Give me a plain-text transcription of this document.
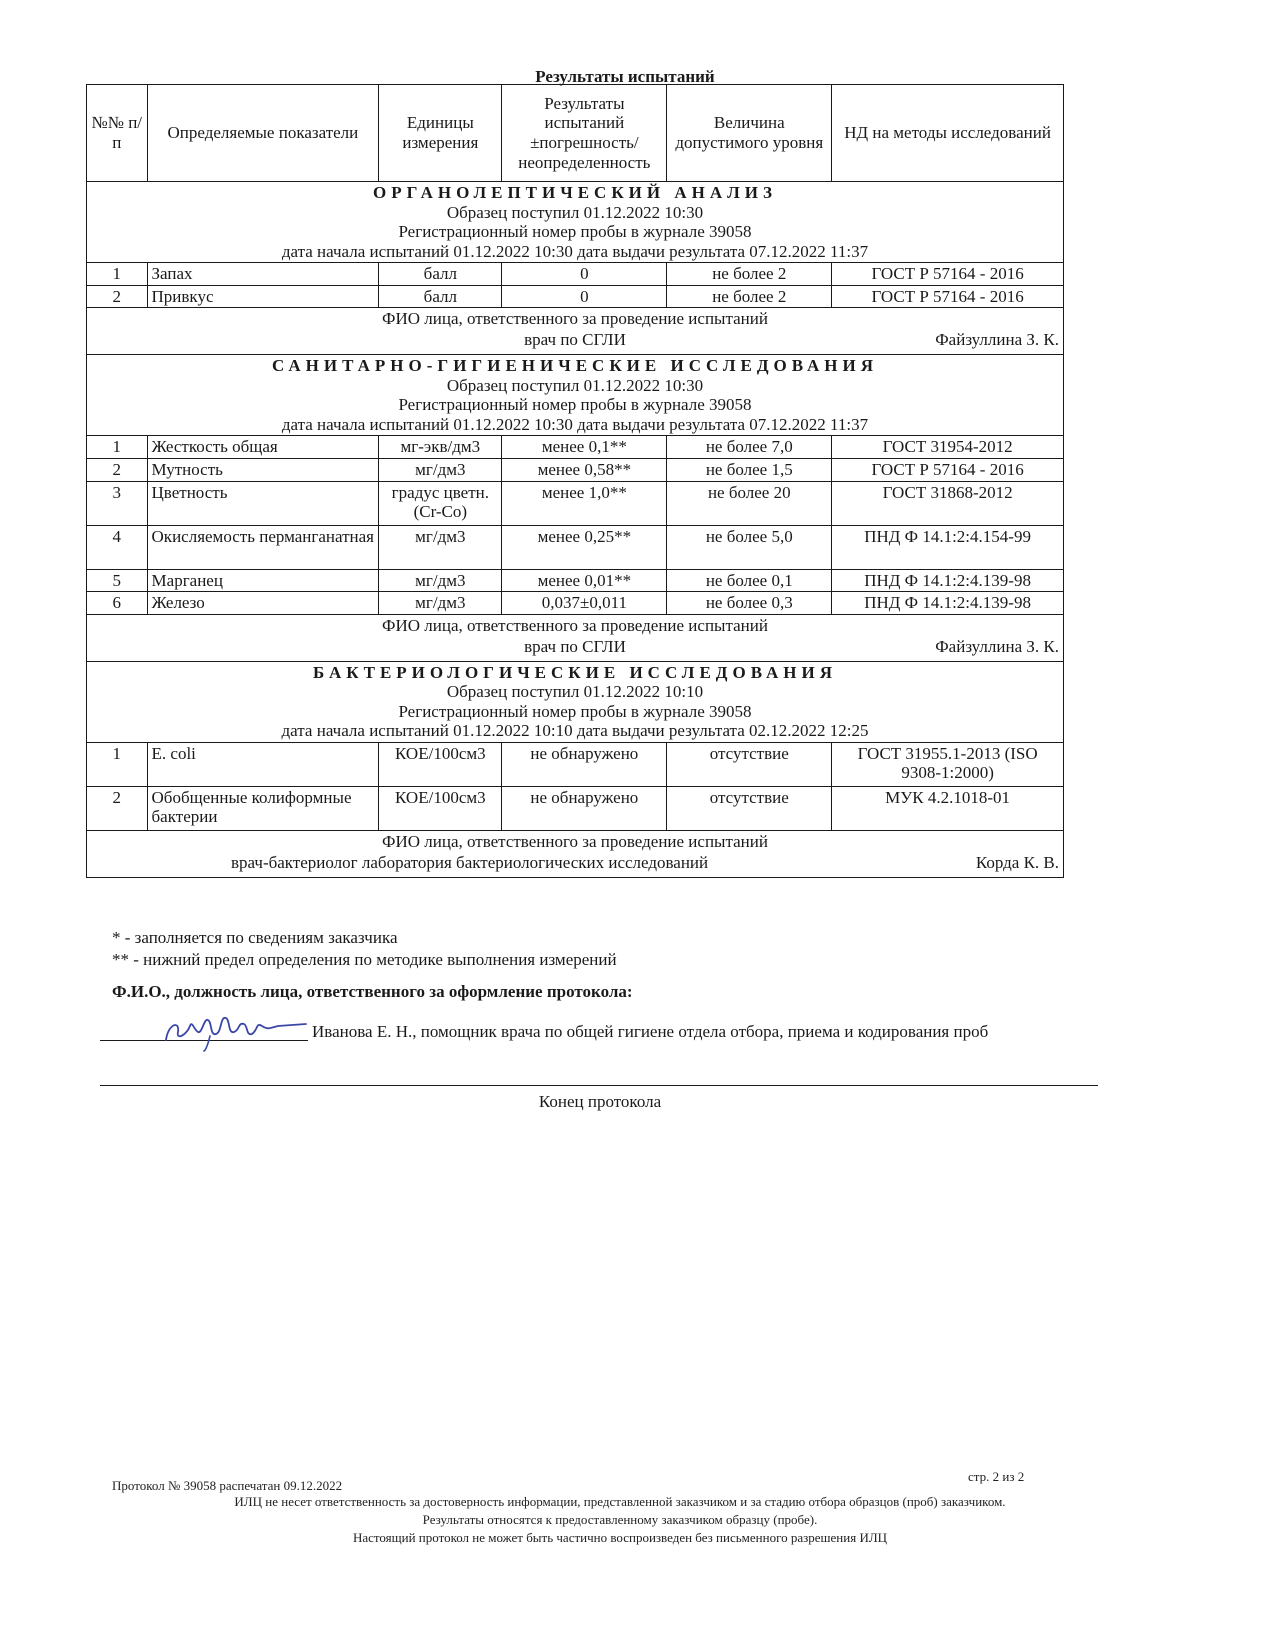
Результаты испытаний
№№ п/п	Определяемые показатели	Единицы измерения	Результаты испытаний ±погрешность/ неопределенность	Величина допустимого уровня	НД на методы исследований

ОРГАНОЛЕПТИЧЕСКИЙ АНАЛИЗ
Образец поступил 01.12.2022 10:30
Регистрационный номер пробы в журнале 39058
дата начала испытаний 01.12.2022 10:30 дата выдачи результата 07.12.2022 11:37					

1	Запах	балл	0	не более 2	ГОСТ Р 57164 - 2016
2	Привкус	балл	0	не более 2	ГОСТ Р 57164 - 2016

ФИО лица, ответственного за проведение испытаний
врач по СГЛИ Файзуллина З. К.					

САНИТАРНО-ГИГИЕНИЧЕСКИЕ ИССЛЕДОВАНИЯ
Образец поступил 01.12.2022 10:30
Регистрационный номер пробы в журнале 39058
дата начала испытаний 01.12.2022 10:30 дата выдачи результата 07.12.2022 11:37					

1	Жесткость общая	мг-экв/дм3	менее 0,1**	не более 7,0	ГОСТ 31954-2012
2	Мутность	мг/дм3	менее 0,58**	не более 1,5	ГОСТ Р 57164 - 2016
3	Цветность	градус цветн.(Cr-Co)	менее 1,0**	не более 20	ГОСТ 31868-2012
4	Окисляемость перманганатная	мг/дм3	менее 0,25**	не более 5,0	ПНД Ф 14.1:2:4.154-99
5	Марганец	мг/дм3	менее 0,01**	не более 0,1	ПНД Ф 14.1:2:4.139-98
6	Железо	мг/дм3	0,037±0,011	не более 0,3	ПНД Ф 14.1:2:4.139-98

ФИО лица, ответственного за проведение испытаний
врач по СГЛИ Файзуллина З. К.					

БАКТЕРИОЛОГИЧЕСКИЕ ИССЛЕДОВАНИЯ
Образец поступил 01.12.2022 10:10
Регистрационный номер пробы в журнале 39058
дата начала испытаний 01.12.2022 10:10 дата выдачи результата 02.12.2022 12:25					

1	E. coli	КОЕ/100см3	не обнаружено	отсутствие	ГОСТ 31955.1-2013 (ISO 9308-1:2000)
2	Обобщенные колиформные бактерии	КОЕ/100см3	не обнаружено	отсутствие	МУК 4.2.1018-01

ФИО лица, ответственного за проведение испытаний
врач-бактериолог лаборатория бактериологических исследований Корда К. В.					
* - заполняется по сведениям заказчика
** - нижний предел определения по методике выполнения измерений
Ф.И.О., должность лица, ответственного за оформление протокола:
Иванова Е. Н., помощник врача по общей гигиене отдела отбора, приема и кодирования проб
Конец протокола
Протокол № 39058 распечатан 09.12.2022
стр. 2 из 2
ИЛЦ не несет ответственность за достоверность информации, представленной заказчиком и за стадию отбора образцов (проб) заказчиком.
Результаты относятся к предоставленному заказчиком образцу (пробе).
Настоящий протокол не может быть частично воспроизведен без письменного разрешения ИЛЦ
